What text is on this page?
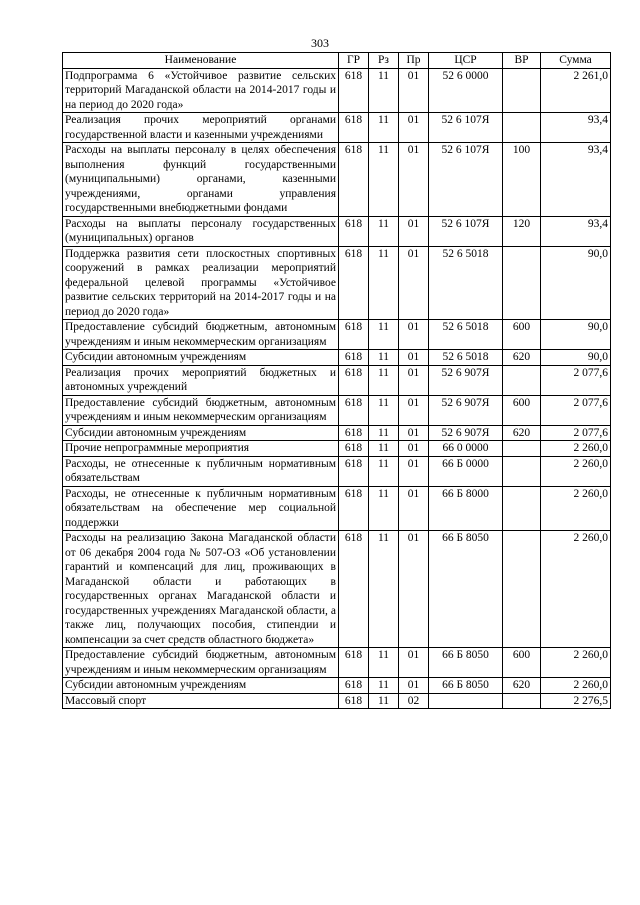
303
Наименование	ГР	Рз	Пр	ЦСР	ВР	Сумма
Подпрограмма 6 «Устойчивое развитие сельских территорий Магаданской области на 2014-2017 годы и на период до 2020 года»	618	11	01	52 6 0000		2 261,0
Реализация прочих мероприятий органами государственной власти и казенными учреждениями	618	11	01	52 6 107Я		93,4
Расходы на выплаты персоналу в целях обеспечения выполнения функций государственными (муниципальными) органами, казенными учреждениями, органами управления государственными внебюджетными фондами	618	11	01	52 6 107Я	100	93,4
Расходы на выплаты персоналу государственных (муниципальных) органов	618	11	01	52 6 107Я	120	93,4
Поддержка развития сети плоскостных спортивных сооружений в рамках реализации мероприятий федеральной целевой программы «Устойчивое развитие сельских территорий на 2014-2017 годы и на период до 2020 года»	618	11	01	52 6 5018		90,0
Предоставление субсидий бюджетным, автономным учреждениям и иным некоммерческим организациям	618	11	01	52 6 5018	600	90,0
Субсидии автономным учреждениям	618	11	01	52 6 5018	620	90,0
Реализация прочих мероприятий бюджетных и автономных учреждений	618	11	01	52 6 907Я		2 077,6
Предоставление субсидий бюджетным, автономным учреждениям и иным некоммерческим организациям	618	11	01	52 6 907Я	600	2 077,6
Субсидии автономным учреждениям	618	11	01	52 6 907Я	620	2 077,6
Прочие непрограммные мероприятия	618	11	01	66 0 0000		2 260,0
Расходы, не отнесенные к публичным нормативным обязательствам	618	11	01	66 Б 0000		2 260,0
Расходы, не отнесенные к публичным нормативным обязательствам на обеспечение мер социальной поддержки	618	11	01	66 Б 8000		2 260,0
Расходы на реализацию Закона Магаданской области от 06 декабря 2004 года № 507-ОЗ «Об установлении гарантий и компенсаций для лиц, проживающих в Магаданской области и работающих в государственных органах Магаданской области и государственных учреждениях Магаданской области, а также лиц, получающих пособия, стипендии и компенсации за счет средств областного бюджета»	618	11	01	66 Б 8050		2 260,0
Предоставление субсидий бюджетным, автономным учреждениям и иным некоммерческим организациям	618	11	01	66 Б 8050	600	2 260,0
Субсидии автономным учреждениям	618	11	01	66 Б 8050	620	2 260,0
Массовый спорт	618	11	02			2 276,5
